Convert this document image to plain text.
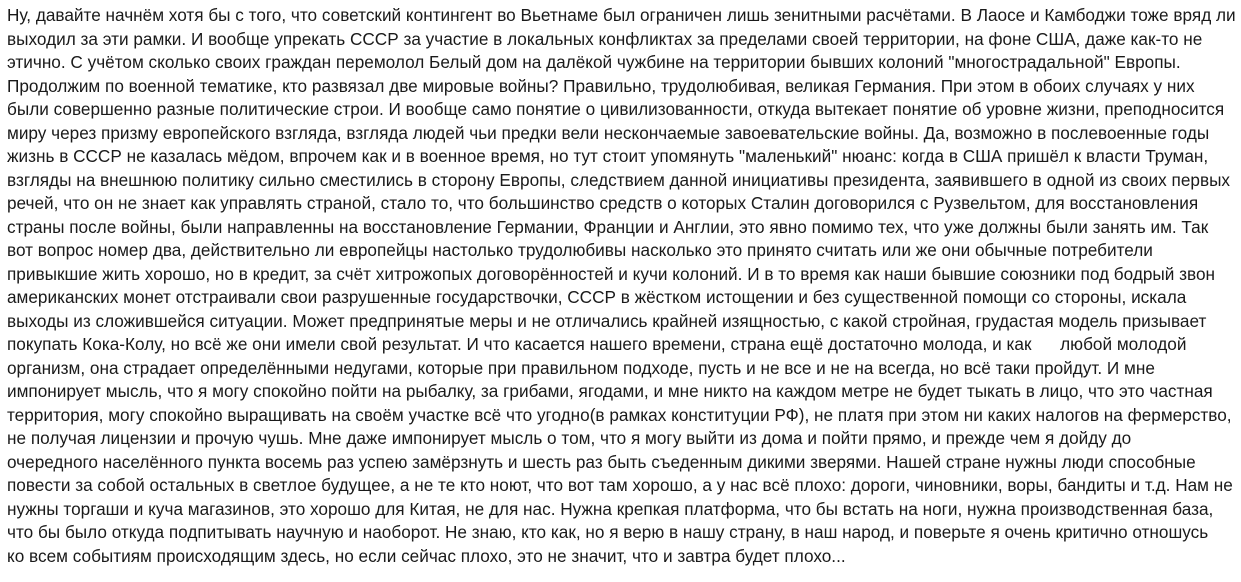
Ну, давайте начнём хотя бы с того, что советский контингент во Вьетнаме был ограничен лишь зенитными расчётами. В Лаосе и Камбоджи тоже вряд ли
выходил за эти рамки. И вообще упрекать СССР за участие в локальных конфликтах за пределами своей территории, на фоне США, даже как-то не
этично. С учётом сколько своих граждан перемолол Белый дом на далёкой чужбине на территории бывших колоний "многострадальной" Европы.
Продолжим по военной тематике, кто развязал две мировые войны? Правильно, трудолюбивая, великая Германия. При этом в обоих случаях у них
были совершенно разные политические строи. И вообще само понятие о цивилизованности, откуда вытекает понятие об уровне жизни, преподносится
миру через призму европейского взгляда, взгляда людей чьи предки вели нескончаемые завоевательские войны. Да, возможно в послевоенные годы
жизнь в СССР не казалась мёдом, впрочем как и в военное время, но тут стоит упомянуть "маленький" нюанс: когда в США пришёл к власти Труман,
взгляды на внешнюю политику сильно сместились в сторону Европы, следствием данной инициативы президента, заявившего в одной из своих первых
речей, что он не знает как управлять страной, стало то, что большинство средств о которых Сталин договорился с Рузвельтом, для восстановления
страны после войны, были направленны на восстановление Германии, Франции и Англии, это явно помимо тех, что уже должны были занять им. Так
вот вопрос номер два, действительно ли европейцы настолько трудолюбивы насколько это принято считать или же они обычные потребители
привыкшие жить хорошо, но в кредит, за счёт хитрожопых договорённостей и кучи колоний. И в то время как наши бывшие союзники под бодрый звон
американских монет отстраивали свои разрушенные государствочки, СССР в жёстком истощении и без существенной помощи со стороны, искала
выходы из сложившейся ситуации. Может предпринятые меры и не отличались крайней изящностью, с какой стройная, грудастая модель призывает
покупать Кока-Колу, но всё же они имели свой результат. И что касается нашего времени, страна ещё достаточно молода, и как      любой молодой
организм, она страдает определёнными недугами, которые при правильном подходе, пусть и не все и не на всегда, но всё таки пройдут. И мне
импонирует мысль, что я могу спокойно пойти на рыбалку, за грибами, ягодами, и мне никто на каждом метре не будет тыкать в лицо, что это частная
территория, могу спокойно выращивать на своём участке всё что угодно(в рамках конституции РФ), не платя при этом ни каких налогов на фермерство,
не получая лицензии и прочую чушь. Мне даже импонирует мысль о том, что я могу выйти из дома и пойти прямо, и прежде чем я дойду до
очередного населённого пункта восемь раз успею замёрзнуть и шесть раз быть съеденным дикими зверями. Нашей стране нужны люди способные
повести за собой остальных в светлое будущее, а не те кто ноют, что вот там хорошо, а у нас всё плохо: дороги, чиновники, воры, бандиты и т.д. Нам не
нужны торгаши и куча магазинов, это хорошо для Китая, не для нас. Нужна крепкая платформа, что бы встать на ноги, нужна производственная база,
что бы было откуда подпитывать научную и наоборот. Не знаю, кто как, но я верю в нашу страну, в наш народ, и поверьте я очень критично отношусь
ко всем событиям происходящим здесь, но если сейчас плохо, это не значит, что и завтра будет плохо...
